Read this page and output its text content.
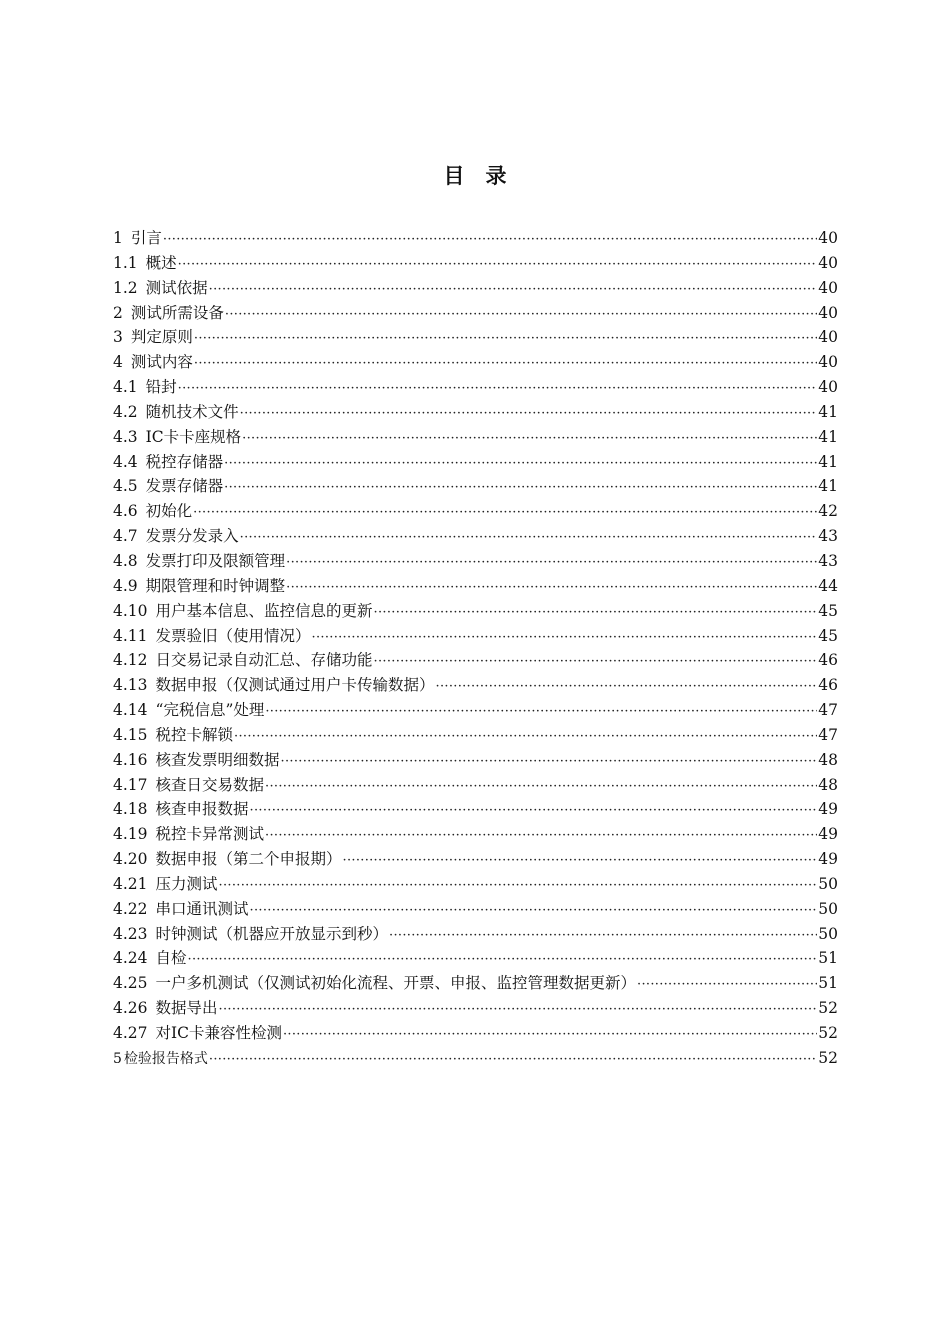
目　录
1 引言 ·····	40
1.1 概述 ·····	40
1.2 测试依据 ·····	40
2 测试所需设备 ·····	40
3 判定原则 ·····	40
4 测试内容 ·····	40
4.1 铅封 ·····	40
4.2 随机技术文件 ·····	41
4.3 IC卡卡座规格 ·····	41
4.4 税控存储器 ·····	41
4.5 发票存储器 ·····	41
4.6 初始化 ·····	42
4.7 发票分发录入 ·····	43
4.8 发票打印及限额管理 ·····	43
4.9 期限管理和时钟调整 ·····	44
4.10 用户基本信息、监控信息的更新 ·····	45
4.11 发票验旧（使用情况） ·····	45
4.12 日交易记录自动汇总、存储功能 ·····	46
4.13 数据申报（仅测试通过用户卡传输数据） ·····	46
4.14 “完税信息”处理 ·····	47
4.15 税控卡解锁 ·····	47
4.16 核查发票明细数据 ·····	48
4.17 核查日交易数据 ·····	48
4.18 核查申报数据 ·····	49
4.19 税控卡异常测试 ·····	49
4.20 数据申报（第二个申报期） ·····	49
4.21 压力测试 ·····	50
4.22 串口通讯测试 ·····	50
4.23 时钟测试（机器应开放显示到秒） ·····	50
4.24 自检 ·····	51
4.25 一户多机测试（仅测试初始化流程、开票、申报、监控管理数据更新） ·····	51
4.26 数据导出 ·····	52
4.27 对IC卡兼容性检测 ·····	52
5 检验报告格式 ·····	52
